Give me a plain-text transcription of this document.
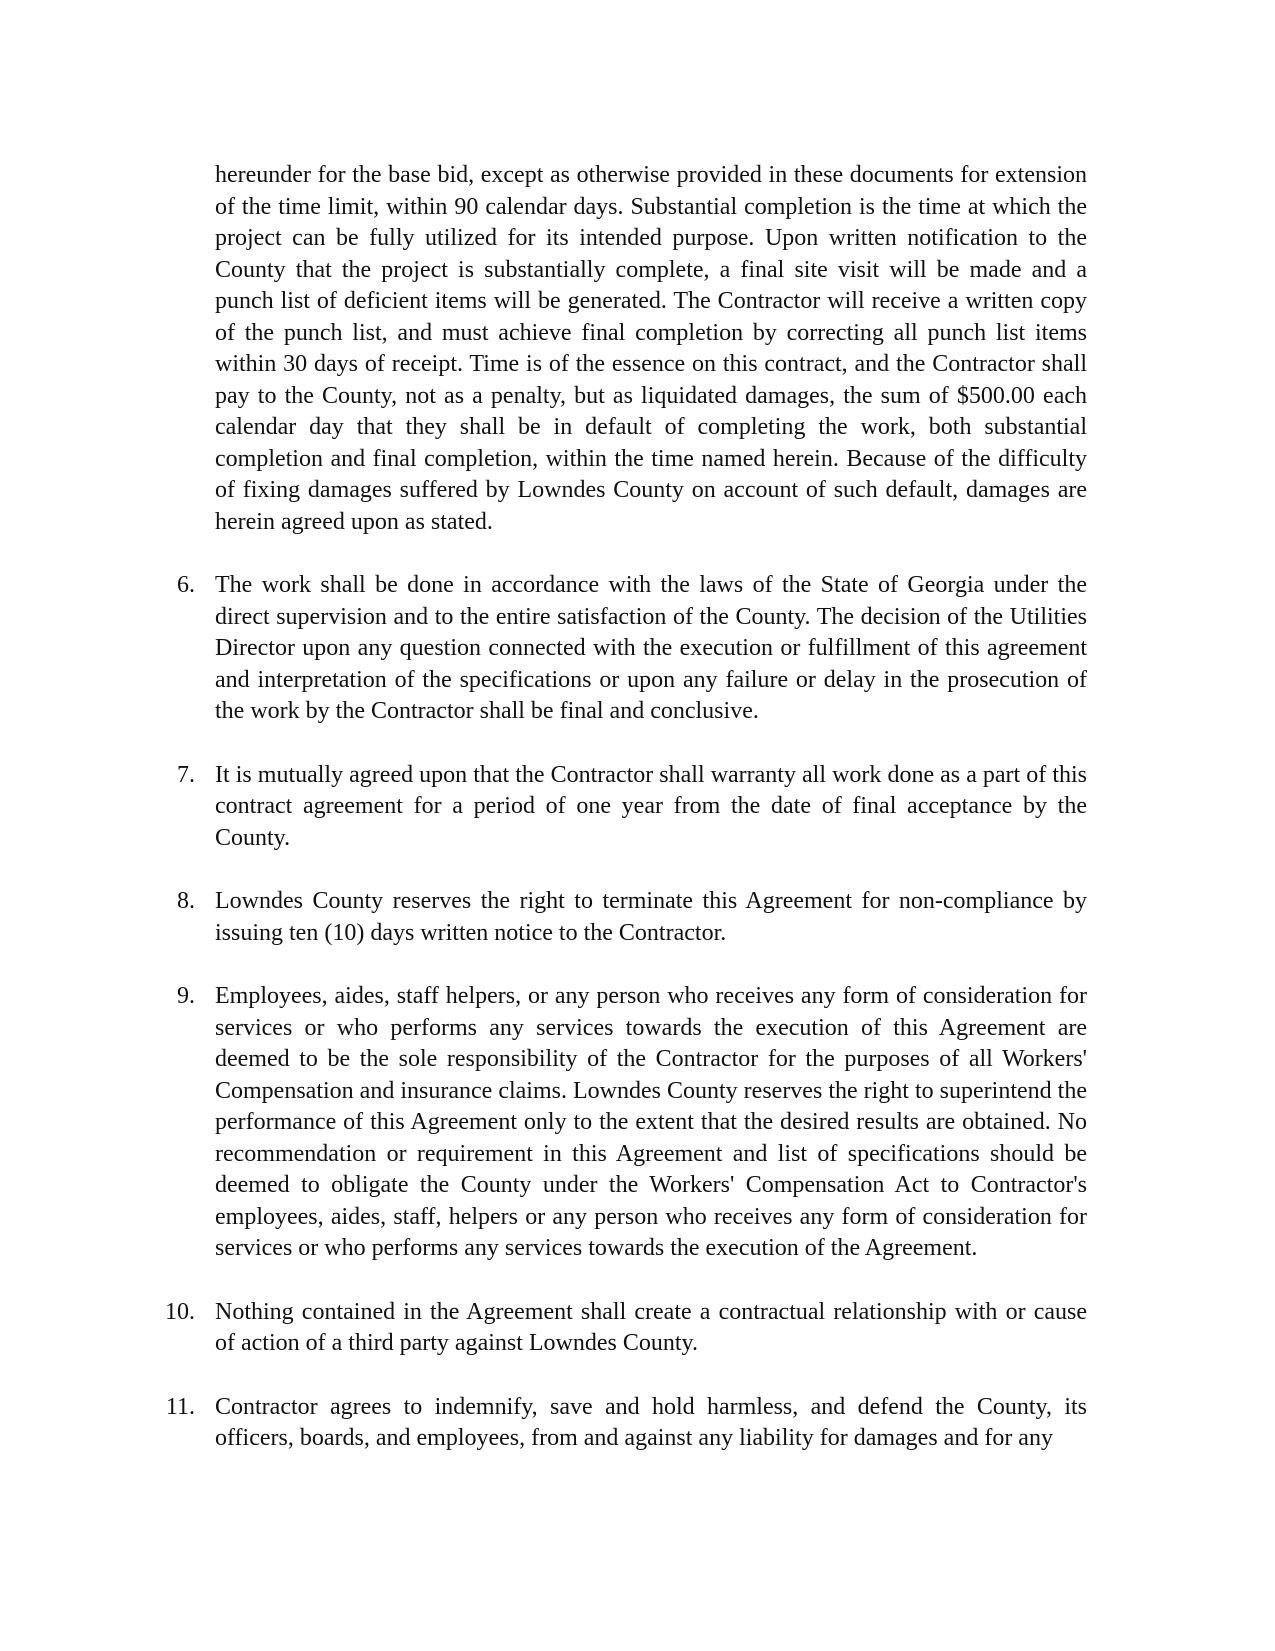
hereunder for the base bid, except as otherwise provided in these documents for extension of the time limit, within 90 calendar days. Substantial completion is the time at which the project can be fully utilized for its intended purpose. Upon written notification to the County that the project is substantially complete, a final site visit will be made and a punch list of deficient items will be generated. The Contractor will receive a written copy of the punch list, and must achieve final completion by correcting all punch list items within 30 days of receipt. Time is of the essence on this contract, and the Contractor shall pay to the County, not as a penalty, but as liquidated damages, the sum of $500.00 each calendar day that they shall be in default of completing the work, both substantial completion and final completion, within the time named herein. Because of the difficulty of fixing damages suffered by Lowndes County on account of such default, damages are herein agreed upon as stated.

6. The work shall be done in accordance with the laws of the State of Georgia under the direct supervision and to the entire satisfaction of the County. The decision of the Utilities Director upon any question connected with the execution or fulfillment of this agreement and interpretation of the specifications or upon any failure or delay in the prosecution of the work by the Contractor shall be final and conclusive.
7. It is mutually agreed upon that the Contractor shall warranty all work done as a part of this contract agreement for a period of one year from the date of final acceptance by the County.
8. Lowndes County reserves the right to terminate this Agreement for non-compliance by issuing ten (10) days written notice to the Contractor.
9. Employees, aides, staff helpers, or any person who receives any form of consideration for services or who performs any services towards the execution of this Agreement are deemed to be the sole responsibility of the Contractor for the purposes of all Workers' Compensation and insurance claims. Lowndes County reserves the right to superintend the performance of this Agreement only to the extent that the desired results are obtained. No recommendation or requirement in this Agreement and list of specifications should be deemed to obligate the County under the Workers' Compensation Act to Contractor's employees, aides, staff, helpers or any person who receives any form of consideration for services or who performs any services towards the execution of the Agreement.
10. Nothing contained in the Agreement shall create a contractual relationship with or cause of action of a third party against Lowndes County.
11. Contractor agrees to indemnify, save and hold harmless, and defend the County, its officers, boards, and employees, from and against any liability for damages and for any
